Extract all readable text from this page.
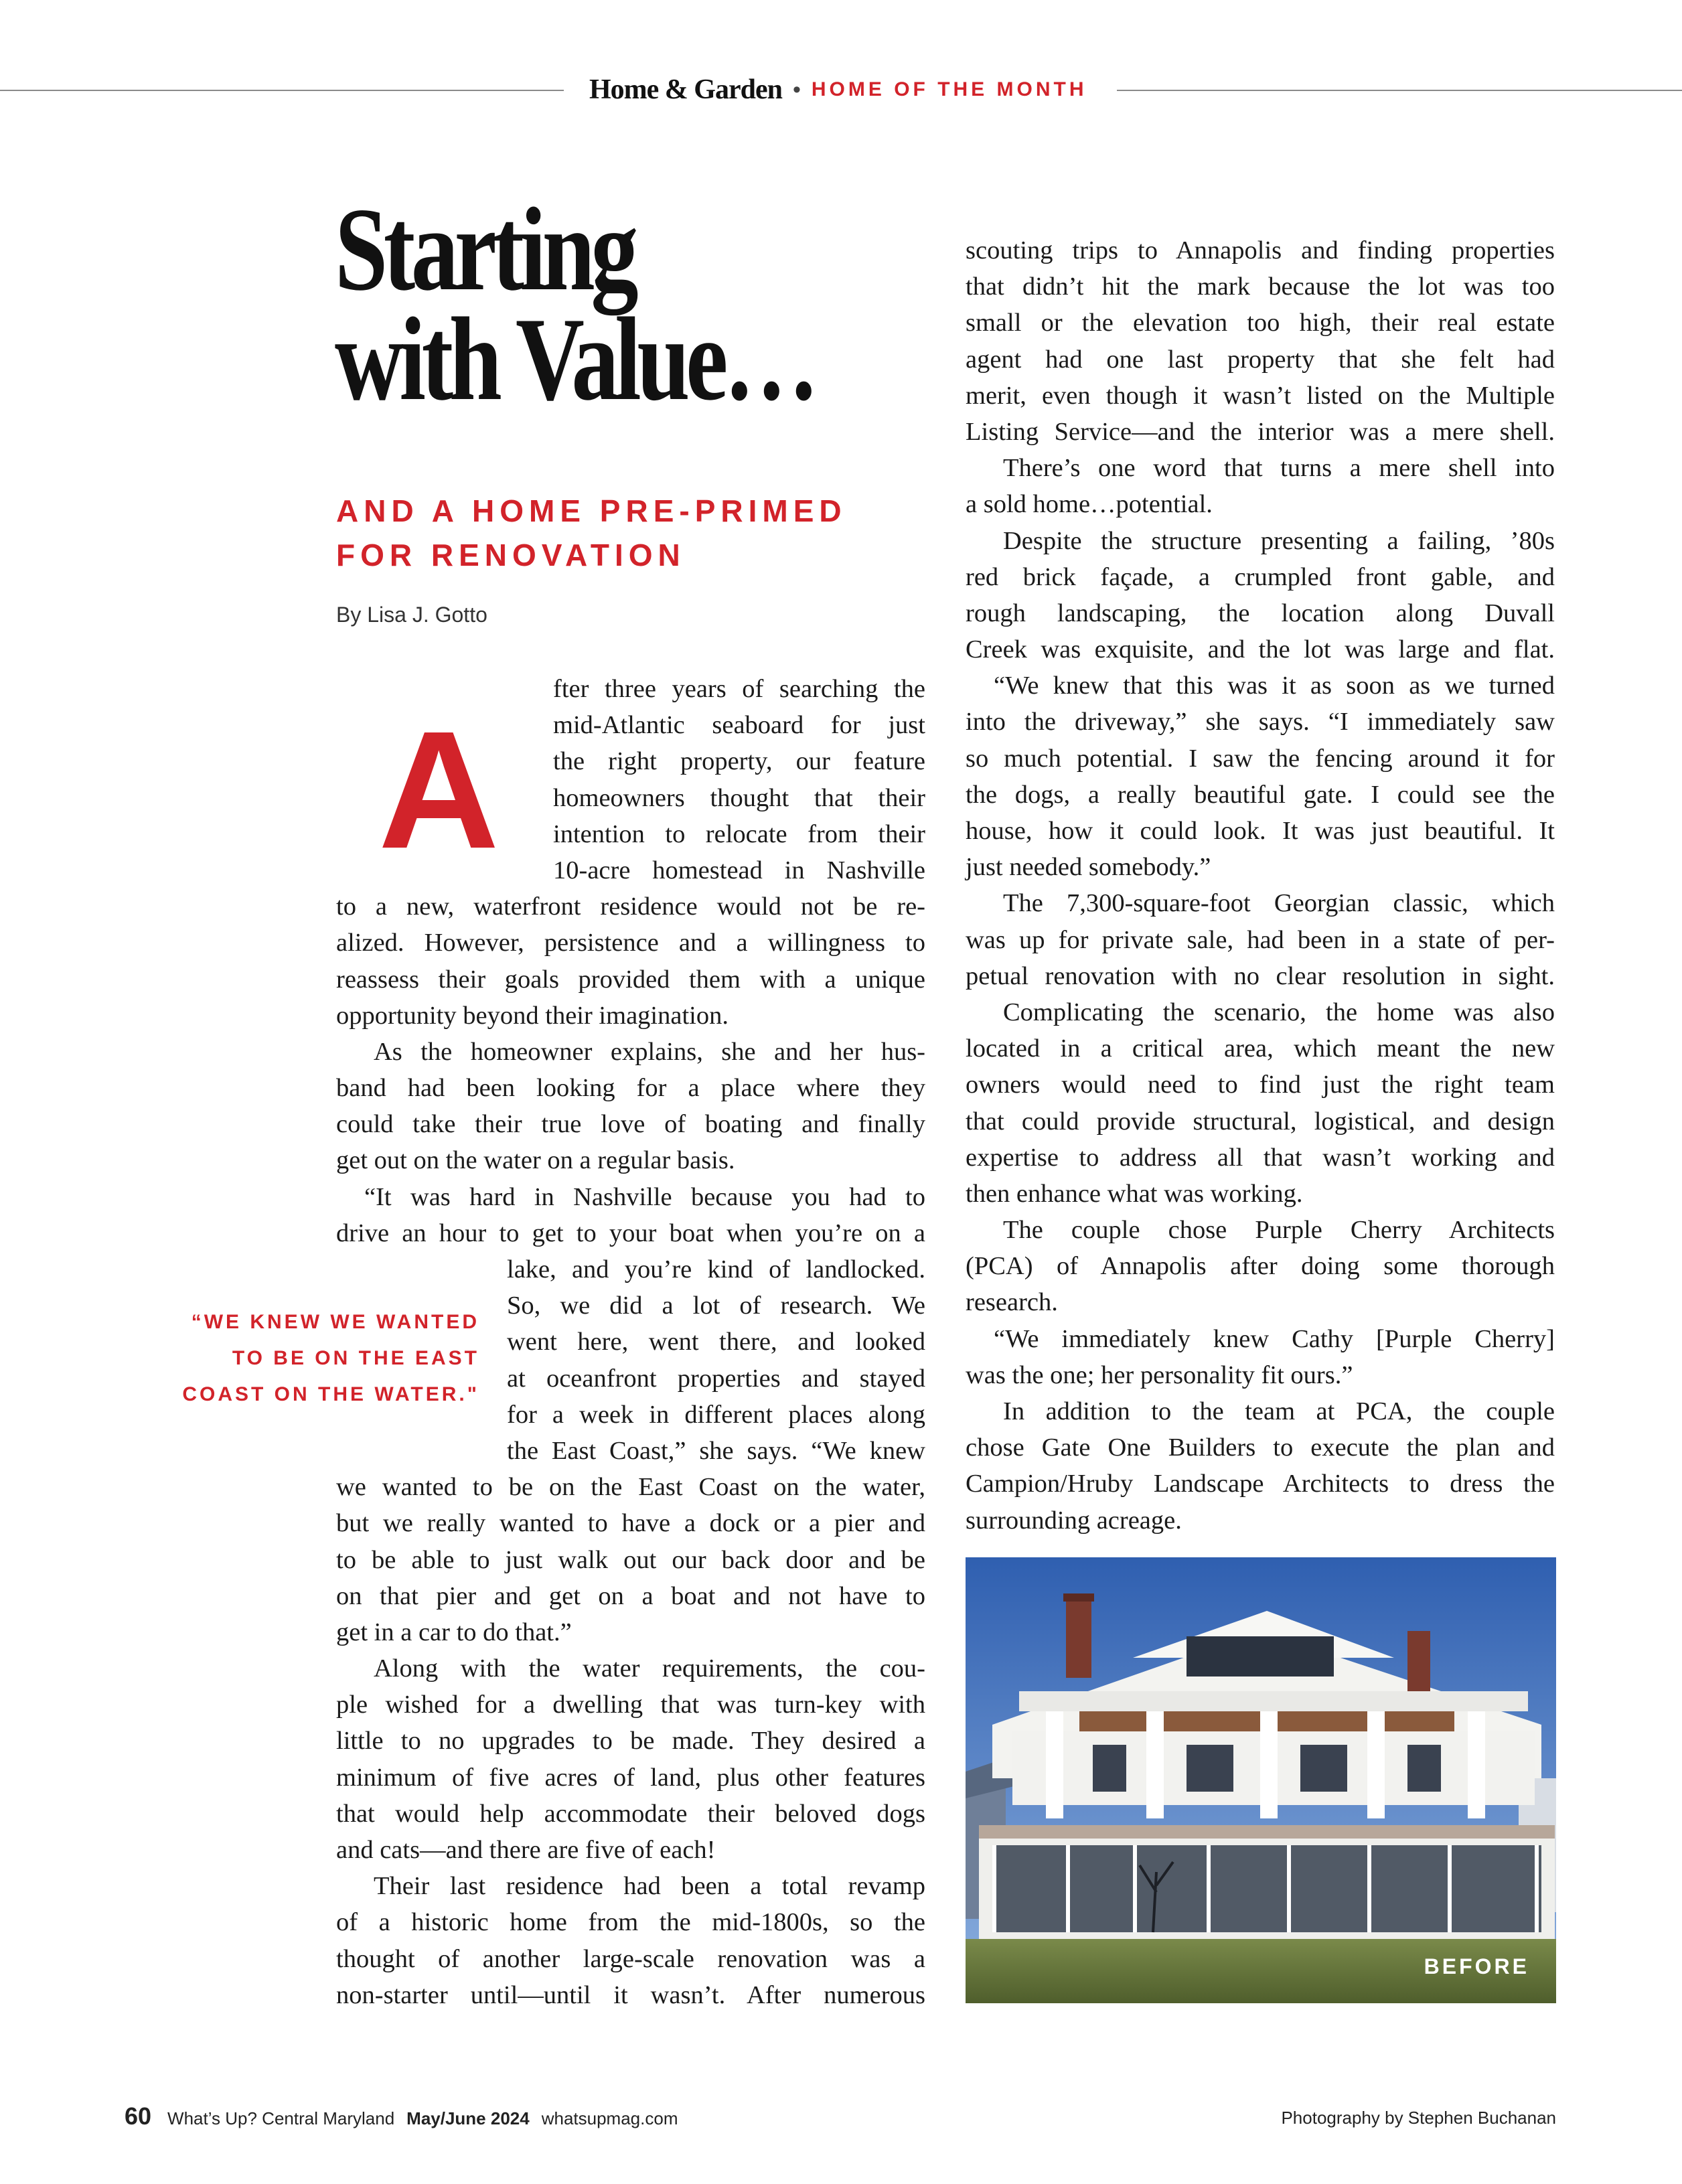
Home & Garden • HOME OF THE MONTH
Starting
with Value…
AND A HOME PRE-PRIMED
FOR RENOVATION
By Lisa J. Gotto
A
fter three years of searching the
mid-Atlantic seaboard for just
the right property, our feature
homeowners thought that their
intention to relocate from their
10-acre homestead in Nashville
to a new, waterfront residence would not be re-
alized. However, persistence and a willingness to
reassess their goals provided them with a unique
opportunity beyond their imagination.
As the homeowner explains, she and her hus-
band had been looking for a place where they
could take their true love of boating and finally
get out on the water on a regular basis.
“It was hard in Nashville because you had to
drive an hour to get to your boat when you’re on a
lake, and you’re kind of landlocked.
So, we did a lot of research. We
went here, went there, and looked
at oceanfront properties and stayed
for a week in different places along
the East Coast,” she says. “We knew
we wanted to be on the East Coast on the water,
but we really wanted to have a dock or a pier and
to be able to just walk out our back door and be
on that pier and get on a boat and not have to
get in a car to do that.”
Along with the water requirements, the cou-
ple wished for a dwelling that was turn-key with
little to no upgrades to be made. They desired a
minimum of five acres of land, plus other features
that would help accommodate their beloved dogs
and cats—and there are five of each!
Their last residence had been a total revamp
of a historic home from the mid-1800s, so the
thought of another large-scale renovation was a
non-starter until—until it wasn’t. After numerous
“WE KNEW WE WANTED
TO BE ON THE EAST
COAST ON THE WATER."
scouting trips to Annapolis and finding properties
that didn’t hit the mark because the lot was too
small or the elevation too high, their real estate
agent had one last property that she felt had
merit, even though it wasn’t listed on the Multiple
Listing Service—and the interior was a mere shell.
There’s one word that turns a mere shell into
a sold home…potential.
Despite the structure presenting a failing, ’80s
red brick façade, a crumpled front gable, and
rough landscaping, the location along Duvall
Creek was exquisite, and the lot was large and flat.
“We knew that this was it as soon as we turned
into the driveway,” she says. “I immediately saw
so much potential. I saw the fencing around it for
the dogs, a really beautiful gate. I could see the
house, how it could look. It was just beautiful. It
just needed somebody.”
The 7,300-square-foot Georgian classic, which
was up for private sale, had been in a state of per-
petual renovation with no clear resolution in sight.
Complicating the scenario, the home was also
located in a critical area, which meant the new
owners would need to find just the right team
that could provide structural, logistical, and design
expertise to address all that wasn’t working and
then enhance what was working.
The couple chose Purple Cherry Architects
(PCA) of Annapolis after doing some thorough
research.
“We immediately knew Cathy [Purple Cherry]
was the one; her personality fit ours.”
In addition to the team at PCA, the couple
chose Gate One Builders to execute the plan and
Campion/Hruby Landscape Architects to dress the
surrounding acreage.
BEFORE
60 What’s Up? Central Maryland May/June 2024 whatsupmag.com	Photography by Stephen Buchanan
